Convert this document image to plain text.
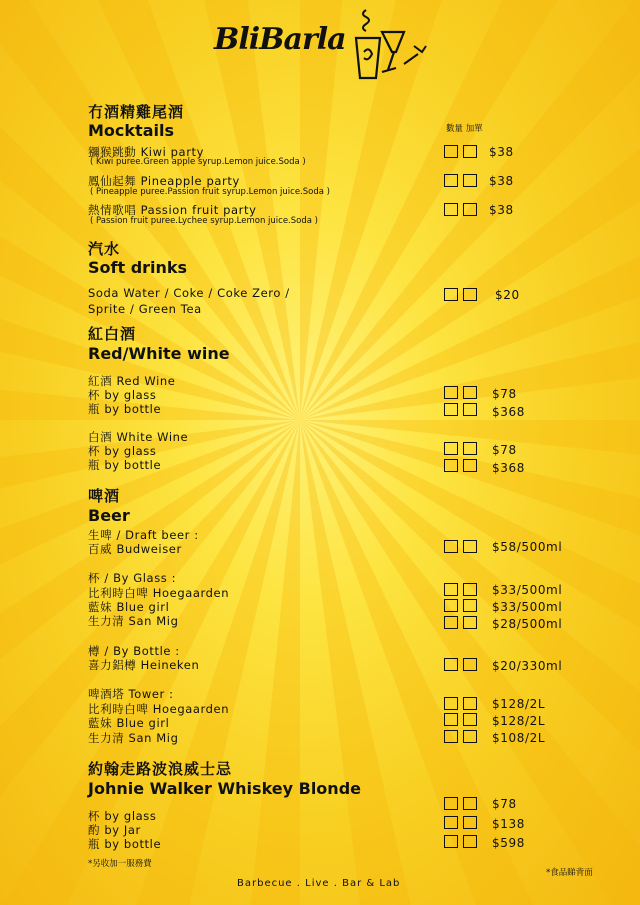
BliBarla
數量 加單
冇酒精雞尾酒
Mocktails
獼猴跳動 Kiwi party
( Kiwi puree.Green apple syrup.Lemon juice.Soda )
$38
鳳仙起舞 Pineapple party
( Pineapple puree.Passion fruit syrup.Lemon juice.Soda )
$38
熱情歌唱 Passion fruit party
( Passion fruit puree.Lychee syrup.Lemon juice.Soda )
$38
汽水
Soft drinks
Soda Water / Coke / Coke Zero /
Sprite / Green Tea
$20
紅白酒
Red/White wine
紅酒 Red Wine
杯 by glass
瓶 by bottle
$78
$368
白酒 White Wine
杯 by glass
瓶 by bottle
$78
$368
啤酒
Beer
生啤 / Draft beer :
百威 Budweiser	$58/500ml
杯 / By Glass :
比利時白啤 Hoegaarden
藍妹 Blue girl
生力清 San Mig
$33/500ml
$33/500ml
$28/500ml
樽 / By Bottle :
喜力鋁樽 Heineken	$20/330ml
啤酒塔 Tower :
比利時白啤 Hoegaarden
藍妹 Blue girl
生力清 San Mig
$128/2L
$128/2L
$108/2L
約翰走路波浪威士忌
Johnie Walker Whiskey Blonde
杯 by glass
酌 by Jar
瓶 by bottle
$78
$138
$598
*另收加一服務費
*食品睇背面
Barbecue . Live . Bar & Lab
